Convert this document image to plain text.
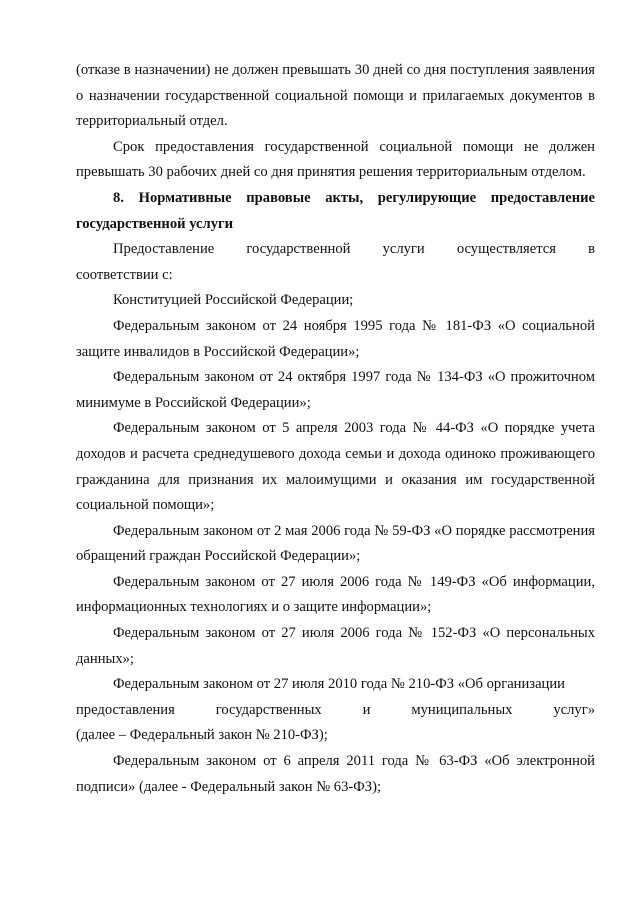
(отказе в назначении) не должен превышать 30 дней со дня поступления заявления о назначении государственной социальной помощи и прилагаемых документов в территориальный отдел.

Срок предоставления государственной социальной помощи не должен превышать 30 рабочих дней со дня принятия решения территориальным отделом.

8. Нормативные правовые акты, регулирующие предоставление государственной услуги

Предоставление государственной услуги осуществляется в

соответствии с:

Конституцией Российской Федерации;

Федеральным законом от 24 ноября 1995 года № 181-ФЗ «О социальной защите инвалидов в Российской Федерации»;

Федеральным законом от 24 октября 1997 года № 134-ФЗ «О прожиточном минимуме в Российской Федерации»;

Федеральным законом от 5 апреля 2003 года № 44-ФЗ «О порядке учета доходов и расчета среднедушевого дохода семьи и дохода одиноко проживающего гражданина для признания их малоимущими и оказания им государственной социальной помощи»;

Федеральным законом от 2 мая 2006 года № 59-ФЗ «О порядке рассмотрения обращений граждан Российской Федерации»;

Федеральным законом от 27 июля 2006 года № 149-ФЗ «Об информации, информационных технологиях и о защите информации»;

Федеральным законом от 27 июля 2006 года № 152-ФЗ «О персональных данных»;

Федеральным законом от 27 июля 2010 года № 210-ФЗ «Об организации

предоставления государственных и муниципальных услуг»

(далее – Федеральный закон № 210-ФЗ);

Федеральным законом от 6 апреля 2011 года № 63-ФЗ «Об электронной подписи» (далее - Федеральный закон № 63-ФЗ);
